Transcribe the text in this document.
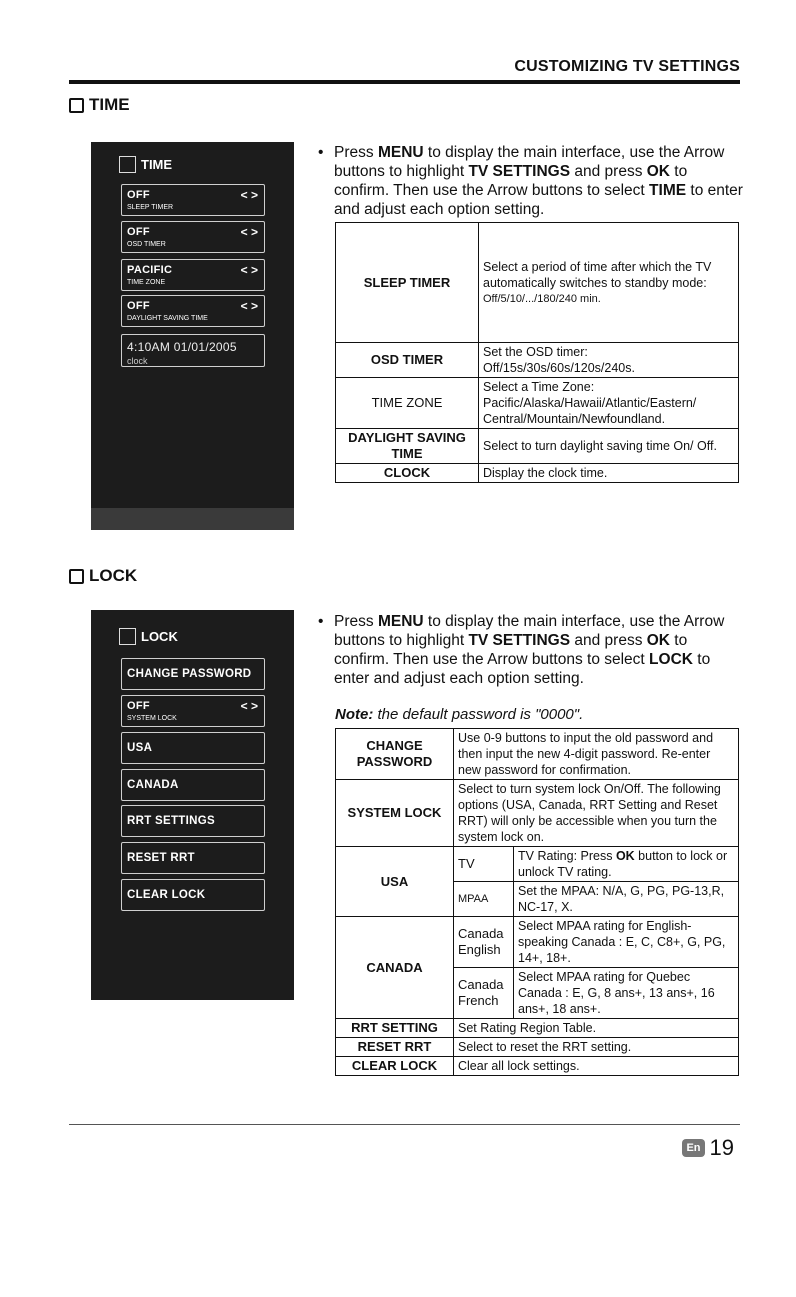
CUSTOMIZING TV SETTINGS
TIME
TIME
OFF
SLEEP TIMER
< >
OFF
OSD TIMER
< >
PACIFIC
TIME ZONE
< >
OFF
DAYLIGHT SAVING TIME
< >
4:10AM 01/01/2005
clock
• Press MENU to display the main interface, use the Arrow buttons to highlight TV SETTINGS and press OK to confirm. Then use the Arrow buttons to select TIME to enter and adjust each option setting.
SLEEP TIMER	Select a period of time after which the TV automatically switches to standby mode:
Off/5/10/.../180/240 min.

OSD TIMER	Set the OSD timer:
Off/15s/30s/60s/120s/240s.

TIME ZONE	Select a Time Zone:
Pacific/Alaska/Hawaii/Atlantic/Eastern/ Central/Mountain/Newfoundland.

DAYLIGHT SAVING TIME	Select to turn daylight saving time On/ Off.
CLOCK	Display the clock time.
LOCK
LOCK
CHANGE PASSWORD
OFF
SYSTEM LOCK
< >
USA
CANADA
RRT SETTINGS
RESET RRT
CLEAR LOCK
• Press MENU to display the main interface, use the Arrow buttons to highlight TV SETTINGS and press OK to confirm. Then use the Arrow buttons to select LOCK to enter and adjust each option setting.
Note: the default password is "0000".
CHANGE PASSWORD	Use 0-9 buttons to input the old password and then input the new 4-digit password. Re-enter new password for confirmation.	
SYSTEM LOCK	Select to turn system lock On/Off. The following options (USA, Canada, RRT Setting and Reset RRT) will only be accessible when you turn the system lock on.	
USA	TV	TV Rating: Press OK button to lock or unlock TV rating.
	MPAA	Set the MPAA: N/A, G, PG, PG-13,R, NC-17, X.
CANADA	Canada English	Select MPAA rating for English-speaking Canada : E, C, C8+, G, PG, 14+, 18+.
	Canada French	Select MPAA rating for Quebec Canada : E, G, 8 ans+, 13 ans+, 16 ans+, 18 ans+.
RRT SETTING	Set Rating Region Table.	
RESET RRT	Select to reset the RRT setting.	
CLEAR LOCK	Clear all lock settings.	
En 19
